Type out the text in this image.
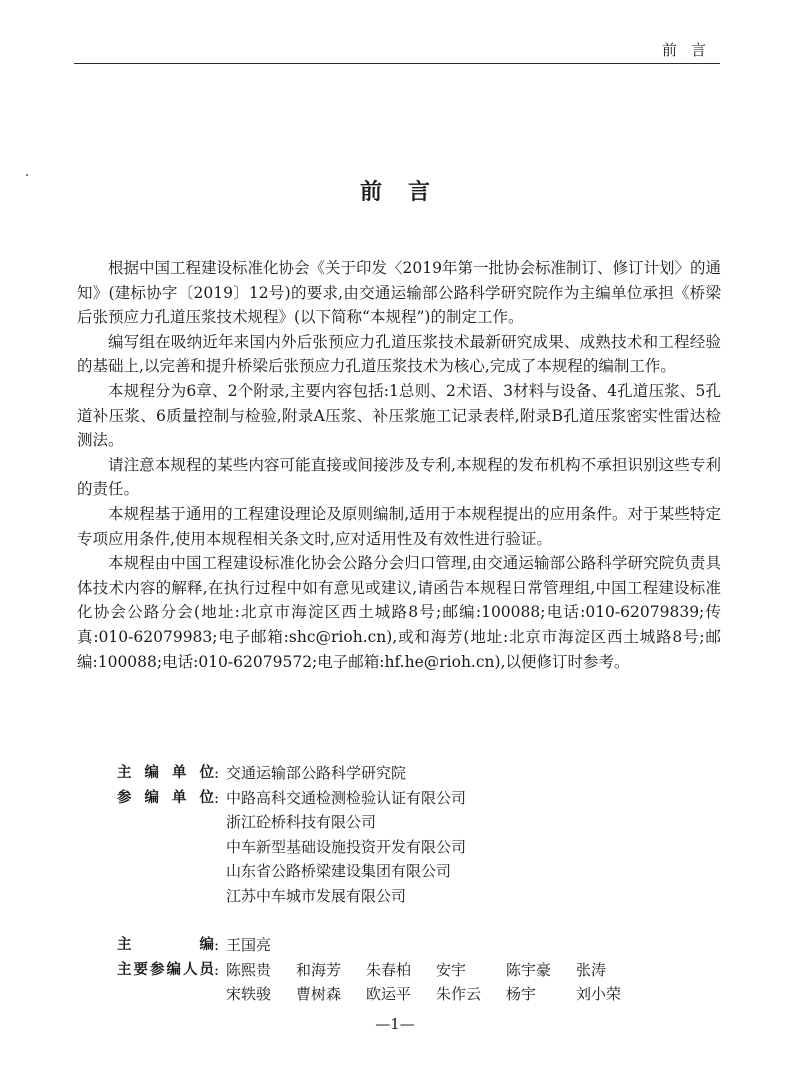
前言
前言

根据中国工程建设标准化协会《关于印发〈2019年第一批协会标准制订、修订计划〉的通知》(建标协字〔2019〕12号)的要求,由交通运输部公路科学研究院作为主编单位承担《桥梁后张预应力孔道压浆技术规程》(以下简称“本规程”)的制定工作。

编写组在吸纳近年来国内外后张预应力孔道压浆技术最新研究成果、成熟技术和工程经验的基础上,以完善和提升桥梁后张预应力孔道压浆技术为核心,完成了本规程的编制工作。

本规程分为6章、2个附录,主要内容包括:1总则、2术语、3材料与设备、4孔道压浆、5孔道补压浆、6质量控制与检验,附录A压浆、补压浆施工记录表样,附录B孔道压浆密实性雷达检测法。

请注意本规程的某些内容可能直接或间接涉及专利,本规程的发布机构不承担识别这些专利的责任。

本规程基于通用的工程建设理论及原则编制,适用于本规程提出的应用条件。对于某些特定专项应用条件,使用本规程相关条文时,应对适用性及有效性进行验证。

本规程由中国工程建设标准化协会公路分会归口管理,由交通运输部公路科学研究院负责具体技术内容的解释,在执行过程中如有意见或建议,请函告本规程日常管理组,中国工程建设标准化协会公路分会(地址:北京市海淀区西土城路8号;邮编:100088;电话:010-62079839;传真:010-62079983;电子邮箱:shc@rioh.cn),或和海芳(地址:北京市海淀区西土城路8号;邮编:100088;电话:010-62079572;电子邮箱:hf.he@rioh.cn),以便修订时参考。

主编单位 : 交通运输部公路科学研究院
参编单位 : 中路高科交通检测检验认证有限公司
浙江砼桥科技有限公司
中车新型基础设施投资开发有限公司
山东省公路桥梁建设集团有限公司
江苏中车城市发展有限公司
主编 : 王国亮
主要参编人员 : 陈熙贵	和海芳	朱春柏	安宇	陈宇豪	张涛
宋轶骏	曹树森	欧运平	朱作云	杨宇	刘小荣
—1—
